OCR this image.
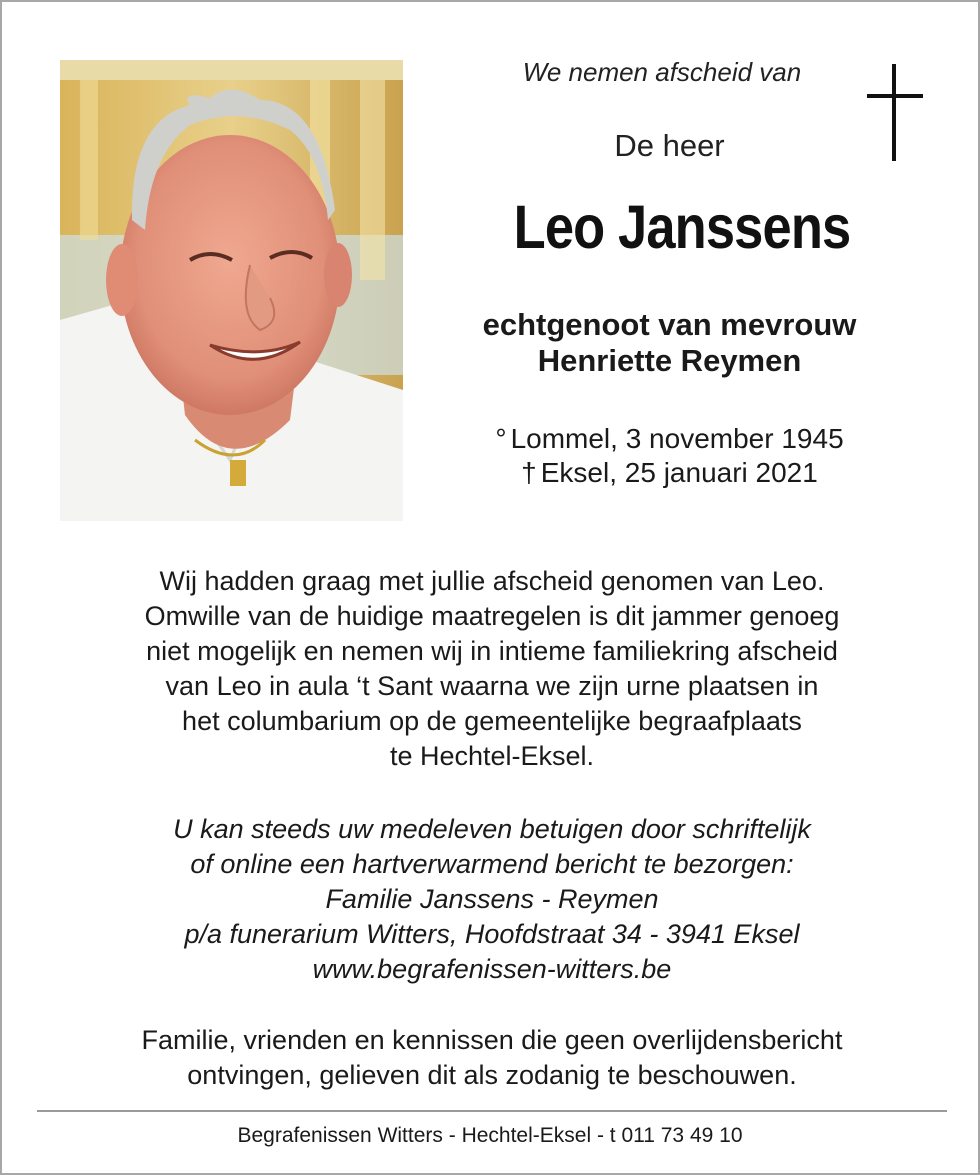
We nemen afscheid van
De heer
Leo Janssens
echtgenoot van mevrouw
Henriette Reymen
° Lommel, 3 november 1945
† Eksel, 25 januari 2021
Wij hadden graag met jullie afscheid genomen van Leo.
Omwille van de huidige maatregelen is dit jammer genoeg
niet mogelijk en nemen wij in intieme familiekring afscheid
van Leo in aula ‘t Sant waarna we zijn urne plaatsen in
het columbarium op de gemeentelijke begraafplaats
te Hechtel-Eksel.
U kan steeds uw medeleven betuigen door schriftelijk
of online een hartverwarmend bericht te bezorgen:
Familie Janssens - Reymen
p/a funerarium Witters, Hoofdstraat 34 - 3941 Eksel
www.begrafenissen-witters.be
Familie, vrienden en kennissen die geen overlijdensbericht
ontvingen, gelieven dit als zodanig te beschouwen.
Begrafenissen Witters - Hechtel-Eksel - t 011 73 49 10
